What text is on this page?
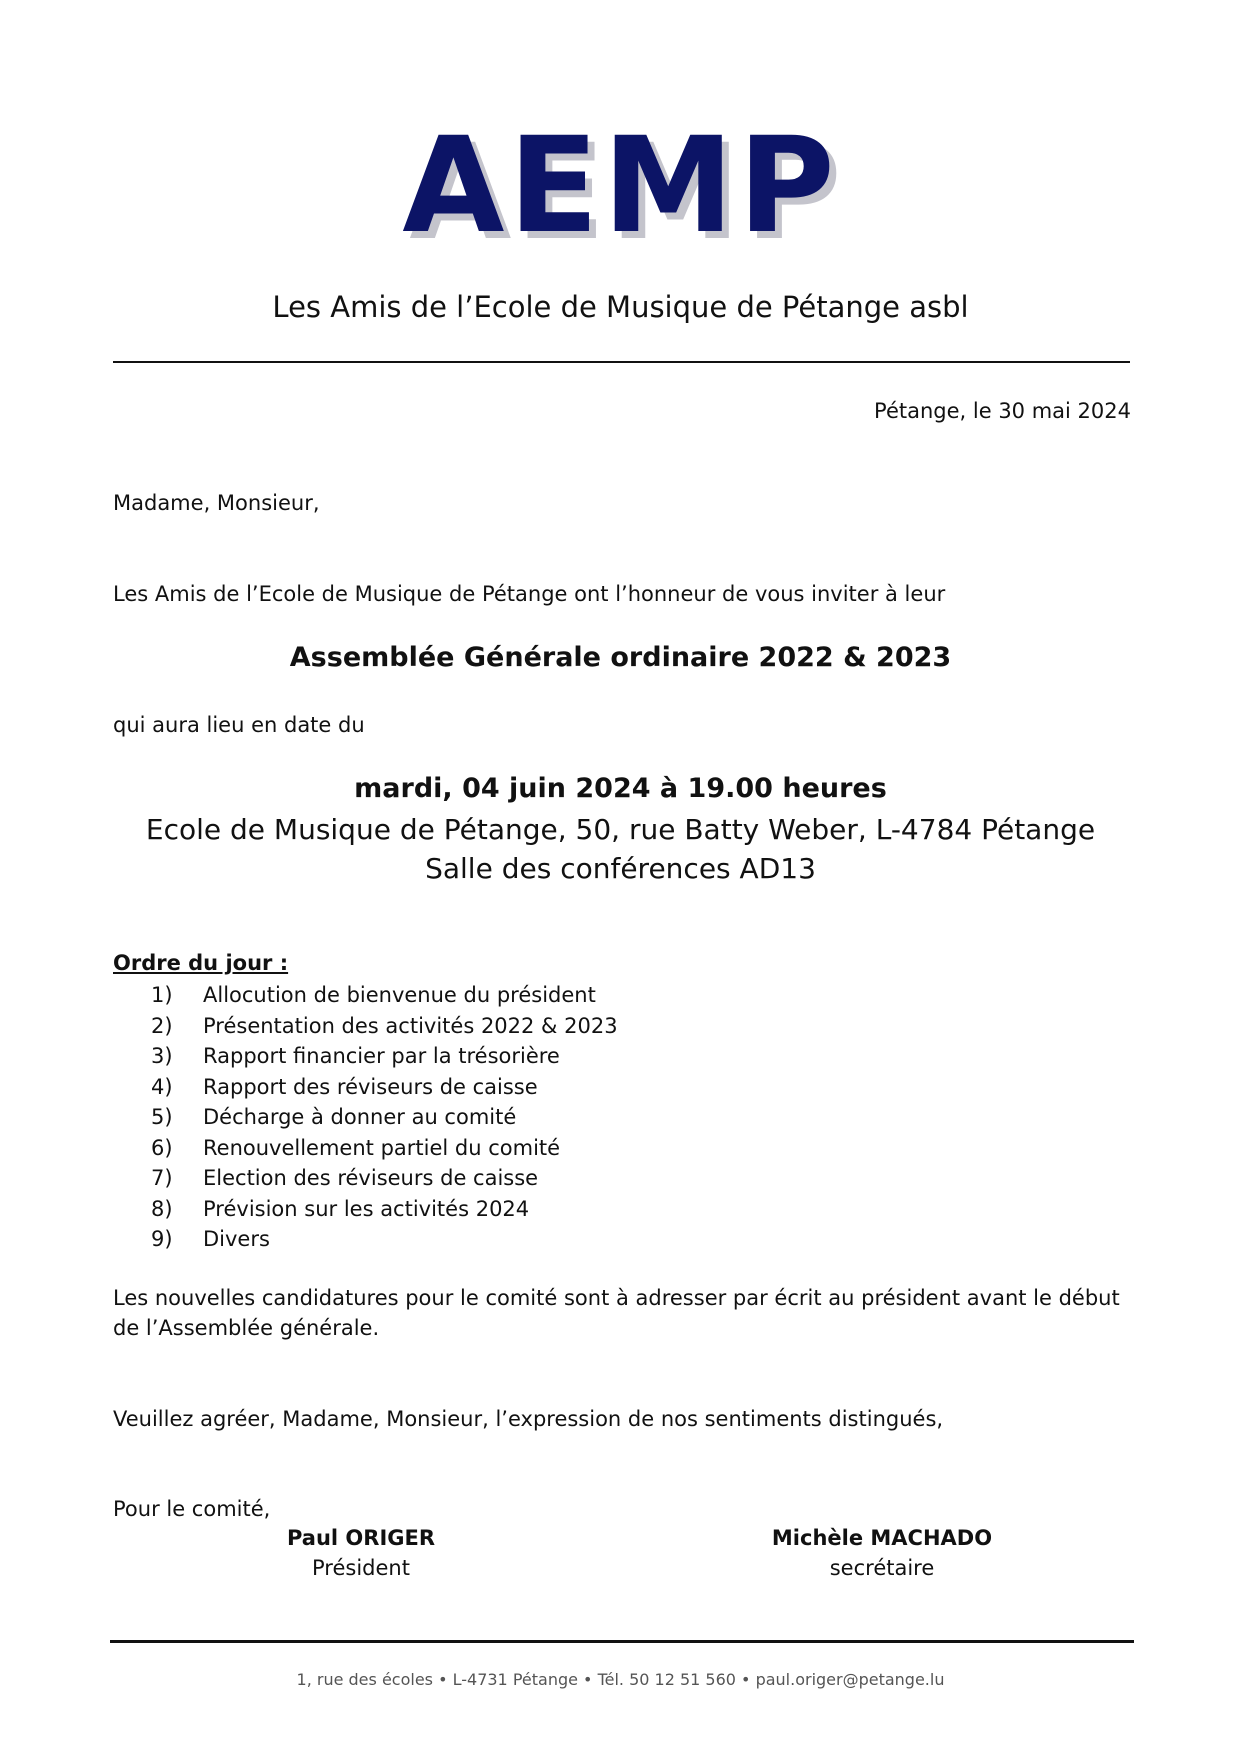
AEMP
Les Amis de l’Ecole de Musique de Pétange asbl
Pétange, le 30 mai 2024
Madame, Monsieur,
Les Amis de l’Ecole de Musique de Pétange ont l’honneur de vous inviter à leur
Assemblée Générale ordinaire 2022 & 2023
qui aura lieu en date du
mardi, 04 juin 2024 à 19.00 heures
Ecole de Musique de Pétange, 50, rue Batty Weber, L-4784 Pétange
Salle des conférences AD13
Ordre du jour :
1)	Allocution de bienvenue du président
2)	Présentation des activités 2022 & 2023
3)	Rapport financier par la trésorière
4)	Rapport des réviseurs de caisse
5)	Décharge à donner au comité
6)	Renouvellement partiel du comité
7)	Election des réviseurs de caisse
8)	Prévision sur les activités 2024
9)	Divers
Les nouvelles candidatures pour le comité sont à adresser par écrit au président avant le début de l’Assemblée générale.
Veuillez agréer, Madame, Monsieur, l’expression de nos sentiments distingués,
Pour le comité,
Paul ORIGER
Président
Michèle MACHADO
secrétaire
1, rue des écoles • L-4731 Pétange • Tél. 50 12 51 560 • paul.origer@petange.lu
